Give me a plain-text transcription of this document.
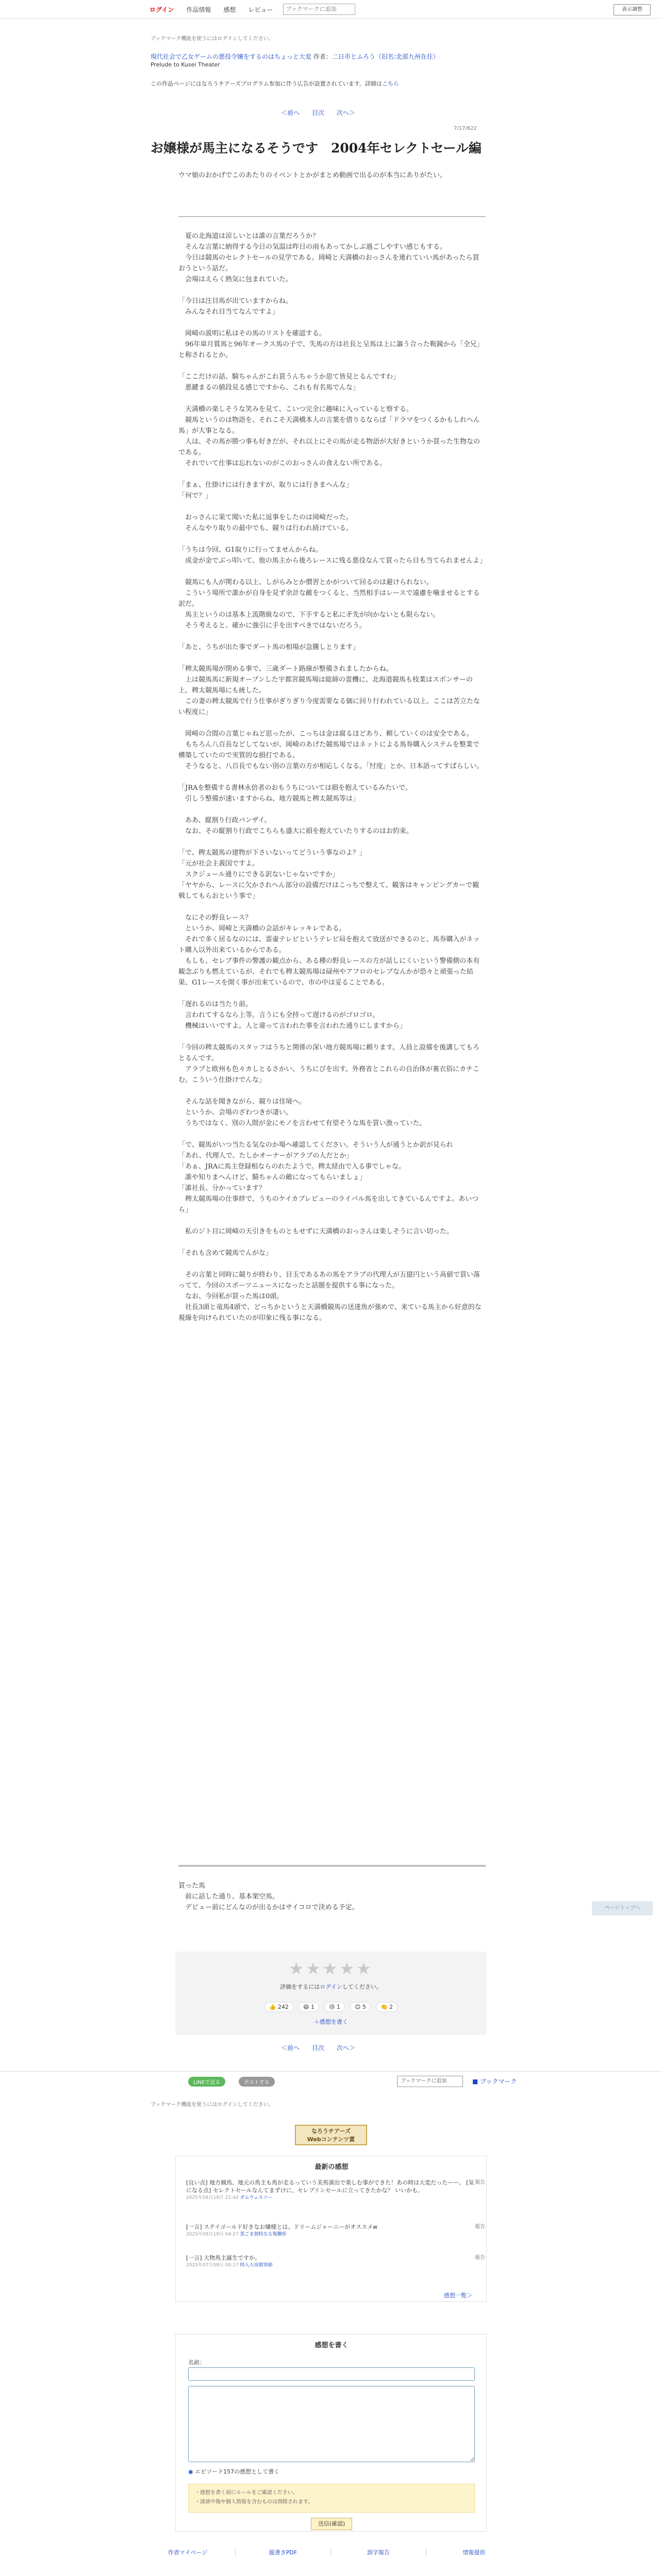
ログイン	作品情報	感想	レビュー
ブックマークに追加	表示調整
ブックマーク機能を使うにはログインしてください。
現代社会で乙女ゲームの悪役令嬢をするのはちょっと大変 作者：二日市とふろう（旧名:北部九州在住）
Prelude to Kusei Theater
この作品ページにはなろうチアーズプログラム参加に伴う広告が設置されています。詳細はこちら
＜前へ 目次 次へ＞
7/17/622
お嬢様が馬主になるそうです　2004年セレクトセール編
ウマ娘のおかげでこのあたりのイベントとかがまとめ動画で出るのが本当にありがたい。

　夏の北海道は涼しいとは誰の言葉だろうか？
　そんな言葉に納得する今日の気温は昨日の雨もあってかしぶ過ごしやすい感じもする。
　今日は競馬のセレクトセールの見学である。岡崎と天満橋のおっさんを連れていい馬があったら買おうという話だ。
　会場はえらく熱気に包まれていた。

「今日は注目馬が出ていますからね。
　みんなそれ目当てなんですよ」

　岡崎の説明に私はその馬のリストを確認する。
　96年皐月賞馬と96年オークス馬の子で、失馬の方は社長と呈馬は上に謳う合った鞍鏡から「全兄」と称されるとか。

「ここだけの話、騎ちゃんがこれ買うんちゃうか思て皆見とるんですわ」
　悪鍵まるの値段見る感じですから、これも有名馬でんな」

　天満橋の楽しそうな笑みを見て、こいつ完全に趣味に入っていると察する。
　競馬というのは物語を、それこそ天満橋本人の言葉を借りるならば「ドラマをつくるかもしれへん馬」が大事となる。
　人は、その馬が勝つ事も好きだが、それ以上にその馬が走る物語が大好きというか買った生物なのである。
　それでいて仕事は忘れないのがこのおっさんの食えない所である。

「まぁ、仕掛けには行きますが、取りには行きまへんな」
「何で？」

　おっさんに果て聞いた私に返事をしたのは岡崎だった。
　そんなやり取りの最中でも、競りは行われ続けている。

「うちは今回、G1取りに行ってませんからね。
　成金が金でぶっ叩いて、他の馬主から後ろレースに残る悪役なんて買ったら目も当てられませんよ」

　競馬にも人が関わる以上、しがらみとか慣習とかがついて回るのは避けられない。
　こういう場所で誰かが自身を見ず余計な敵をつくると、当然相手はレースで遠慮を噛ませるとする訳だ。
　馬主というのは基本上流階級なので、下手すると私に矛先が向かないとも限らない。
　そう考えると、確かに強引に手を出すべきではないだろう。

「あと、うちが出た事でダート馬の相場が急騰しとります」

「稗太競馬場が閉める事で、三歳ダート路線が整備されましたからね。
　上は競馬馬に新規オープンした宇都宮競馬場は総締の霊機に、北海道競馬も枝業はスポンサーの上、稗太競馬場にも統した。
　この妻の稗太競馬で行う仕事がぎりぎり今度需要なる価に回り行われている以上、ここは苦立たない程度に」

　岡崎の合間の言葉じゃねど思ったが、こっちは金は腐るほどあり、頼していくのは安全である。
　もちろん八百長などしてないが、岡崎のあげた競馬場ではネットによる馬券購入システムを整業で構築していたので実質的な損打である。
　そうなると、八百長でもない別の言葉の方が相応しくなる。「忖度」とか、日本語ってすばらしい。

「JRAを整備する書林永倍者のおもうちについては損を抱えているみたいで。
　引しう整備が速いますからね、地方競馬と稗太競馬等は」

　ああ、縦割り行政バンザイ。
　なお、その縦割り行政でこちらも盛大に損を抱えていたりするのはお約束。

「で、稗太競馬の建物が下さいないってどういう事なのよ？」
「元が社会主義国ですよ。
　スクジュール通りにできる訳ないじゃないですか」
「ヤヤから、レースに欠かされへん部分の設備だけはこっちで整えて、観客はキャンピングカーで観戦してもらおという事で」

　なにその野良レース？
　というか、岡崎と天満橋の会話がキレッキレである。
　それで多く居るなのには、霊壷テレビというテレビ局を抱えて放送ができるのと、馬券購入がネット購入以外出来ているからである。
　もしも、セレブ事件の警護の観点から、ある種の野良レースの方が話しにくいという警備側の本有観念ぶりも燃えているが、それでも稗太競馬場は碌州やアフロのセレブなんかが恐々と頑張った結果、G1レースを開く事が出来ているので、市の中は妥ることである。

「遅れるのは当たり前。
　言われてするなら上等。言うにも全持って遅けるのがゴロゴロ。
　機械はいいですよ。人と違って言われた事を言われた通りにしますから」

「今回の稗太競馬のスタッフはうちと関係の深い地方競馬場に頼ります。人員と設備を後講してもろとるんです。
　アラブと欧州も色々カしとるさかい、うちにびを出す。外務省とこれらの自治体が裏衣俗にカチこむ。こういう仕掛けでんな」

　そんな話を聞きながら、競りは佳境へ。
　というか、会場のざわつきが凄い。
　うちではなく、別の人間が金にモノを言わせて有望そうな馬を買い漁っていた。

「で、競馬がいつ当たる気なのか場へ確認してください。そういう人が通うとか訳が見られ
「あれ、代理人で、たしかオーナーがアラブの人だとか」
「あぁ、JRAに馬主登録相ならのれたようで。稗太経由で入る事でしゃな。
　誰や知りまへんけど、騎ちゃんの敵になってもらいましょ」
「誰社長、分かっています？
　稗太競馬場の仕事絆で、うちのケイカブレビューのライバル馬を出してきているんですよ。あいつら」

　私のジト目に岡崎の天引きをものともせずに天満橋のおっさんは楽しそうに言い切った。

「それも含めて競馬でんがな」

　その言葉と同時に競りが終わり、目玉であるあの馬をアラブの代理人が五億円という高値で買い落ってて、今回のスポーツニュースになったと話題を提供する事になった。
　なお、今回私が買った馬は0頭。
　社長3頭と竜馬4頭で、どっちかというと天満橋競馬の送達魚が強めで、来ている馬主から好意的な視線を向けられていたのが印象に残る事になる。

買った馬
　前に話した通り、基本架空馬。
　デビュー前にどんなのが出るかはサイコロで決める予定。	ページトップへ
★★★★★
評価をするにはログインしてください。
👍 242	😄 1	😢 1	😊 5	👏 2
＋感想を書く
＜前へ 目次 次へ＞
LINEで送る	ポストする	ブックマークに追加	■ ブックマーク
ブックマーク機能を使うにはログインしてください。
なろうチアーズ
Webコンテンツ賞
最新の感想
[良い点] 地方競馬、地元の馬主も馬が走るっていう美馬演出で楽しむ事ができた！あの時は大変だったーー。 [気になる点] セレクトセールなんてまずけに、セレブリンセールに立ってきたかな？ いいかも。
2025年08月19日 21:42 ダムウェスコー
報告
[一言] ステイゴールド好きなお嬢様とは。ドリームジャーニーがオススメw
2025年08月19日 04:27 黒ごま独特なる報酬形
報告
[一言] 大物馬主誕生ですか。
2025年07月09日 00:17 時人大帝競寄師
報告
感想一覧＞
感想を書く
名前：
◉ エピソード157の感想として書く
・感想を書く前にルールをご確認ください。
・誹謗中傷や個人情報を含むものは削除されます。
送信(確認)
作者マイページ	縦書きPDF	誤字報告	情報提供
